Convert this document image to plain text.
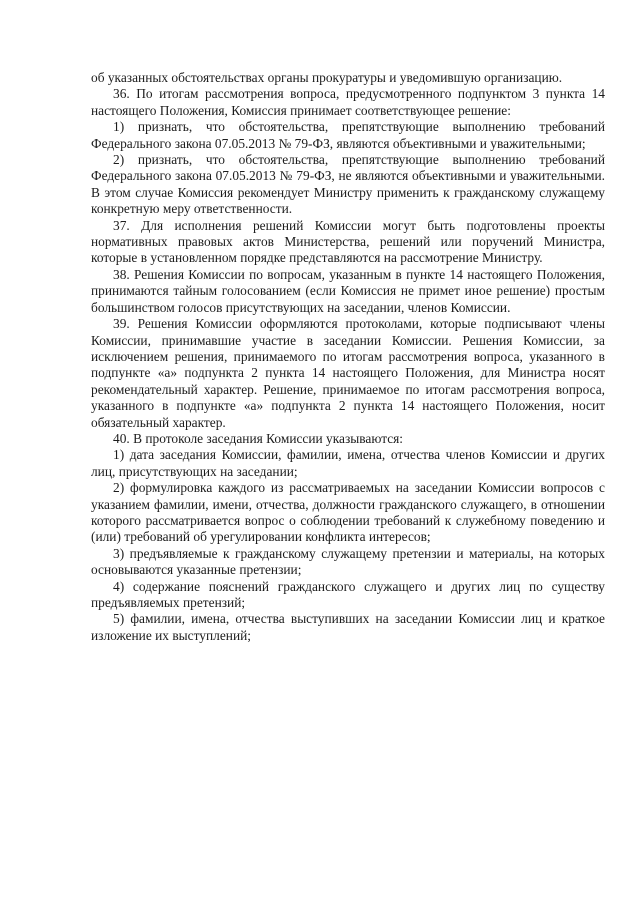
об указанных обстоятельствах органы прокуратуры и уведомившую организацию.

36. По итогам рассмотрения вопроса, предусмотренного подпунктом 3 пункта 14 настоящего Положения, Комиссия принимает соответствующее решение:

1) признать, что обстоятельства, препятствующие выполнению требований Федерального закона 07.05.2013 № 79-ФЗ, являются объективными и уважительными;

2) признать, что обстоятельства, препятствующие выполнению требований Федерального закона 07.05.2013 № 79-ФЗ, не являются объективными и уважительными. В этом случае Комиссия рекомендует Министру применить к гражданскому служащему конкретную меру ответственности.

37. Для исполнения решений Комиссии могут быть подготовлены проекты нормативных правовых актов Министерства, решений или поручений Министра, которые в установленном порядке представляются на рассмотрение Министру.

38. Решения Комиссии по вопросам, указанным в пункте 14 настоящего Положения, принимаются тайным голосованием (если Комиссия не примет иное решение) простым большинством голосов присутствующих на заседании, членов Комиссии.

39. Решения Комиссии оформляются протоколами, которые подписывают члены Комиссии, принимавшие участие в заседании Комиссии. Решения Комиссии, за исключением решения, принимаемого по итогам рассмотрения вопроса, указанного в подпункте «а» подпункта 2 пункта 14 настоящего Положения, для Министра носят рекомендательный характер. Решение, принимаемое по итогам рассмотрения вопроса, указанного в подпункте «а» подпункта 2 пункта 14 настоящего Положения, носит обязательный характер.

40. В протоколе заседания Комиссии указываются:

1) дата заседания Комиссии, фамилии, имена, отчества членов Комиссии и других лиц, присутствующих на заседании;

2) формулировка каждого из рассматриваемых на заседании Комиссии вопросов с указанием фамилии, имени, отчества, должности гражданского служащего, в отношении которого рассматривается вопрос о соблюдении требований к служебному поведению и (или) требований об урегулировании конфликта интересов;

3) предъявляемые к гражданскому служащему претензии и материалы, на которых основываются указанные претензии;

4) содержание пояснений гражданского служащего и других лиц по существу предъявляемых претензий;

5) фамилии, имена, отчества выступивших на заседании Комиссии лиц и краткое изложение их выступлений;
